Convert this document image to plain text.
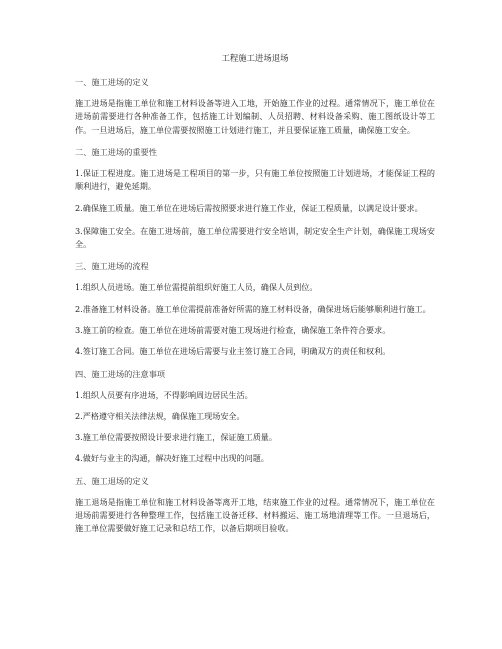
工程施工进场退场
一、施工进场的定义
施工进场是指施工单位和施工材料设备等进入工地，开始施工作业的过程。通常情况下，施工单位在进场前需要进行各种准备工作，包括施工计划编制、人员招聘、材料设备采购、施工图纸设计等工作。一旦进场后，施工单位需要按照施工计划进行施工，并且要保证施工质量，确保施工安全。
二、施工进场的重要性
1.保证工程进度。施工进场是工程项目的第一步，只有施工单位按照施工计划进场，才能保证工程的顺利进行，避免延期。
2.确保施工质量。施工单位在进场后需按照要求进行施工作业，保证工程质量，以满足设计要求。
3.保障施工安全。在施工进场前，施工单位需要进行安全培训，制定安全生产计划，确保施工现场安全。
三、施工进场的流程
1.组织人员进场。施工单位需提前组织好施工人员，确保人员到位。
2.准备施工材料设备。施工单位需提前准备好所需的施工材料设备，确保进场后能够顺利进行施工。
3.施工前的检查。施工单位在进场前需要对施工现场进行检查，确保施工条件符合要求。
4.签订施工合同。施工单位在进场后需要与业主签订施工合同，明确双方的责任和权利。
四、施工进场的注意事项
1.组织人员要有序进场，不得影响周边居民生活。
2.严格遵守相关法律法规，确保施工现场安全。
3.施工单位需要按照设计要求进行施工，保证施工质量。
4.做好与业主的沟通，解决好施工过程中出现的问题。
五、施工退场的定义
施工退场是指施工单位和施工材料设备等离开工地，结束施工作业的过程。通常情况下，施工单位在退场前需要进行各种整理工作，包括施工设备迁移、材料搬运、施工场地清理等工作。一旦退场后，施工单位需要做好施工记录和总结工作，以备后期项目验收。
